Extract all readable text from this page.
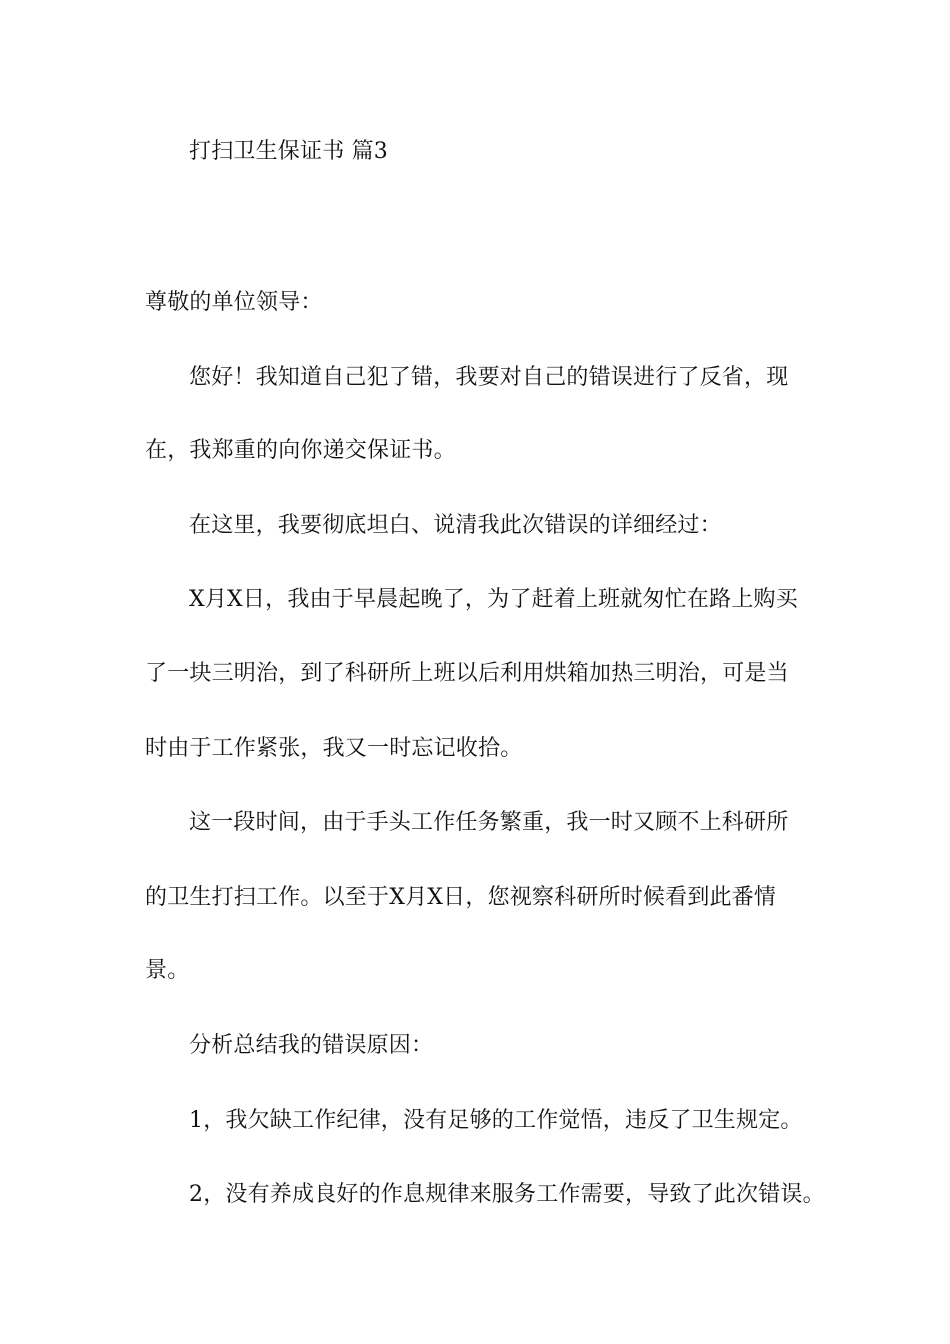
打扫卫生保证书 篇3
尊敬的单位领导：
您好！我知道自己犯了错，我要对自己的错误进行了反省，现
在，我郑重的向你递交保证书。
在这里，我要彻底坦白、说清我此次错误的详细经过：
X月X日，我由于早晨起晚了，为了赶着上班就匆忙在路上购买
了一块三明治，到了科研所上班以后利用烘箱加热三明治，可是当
时由于工作紧张，我又一时忘记收拾。
这一段时间，由于手头工作任务繁重，我一时又顾不上科研所
的卫生打扫工作。以至于X月X日，您视察科研所时候看到此番情
景。
分析总结我的错误原因：
1，我欠缺工作纪律，没有足够的工作觉悟，违反了卫生规定。
2，没有养成良好的作息规律来服务工作需要，导致了此次错误。
